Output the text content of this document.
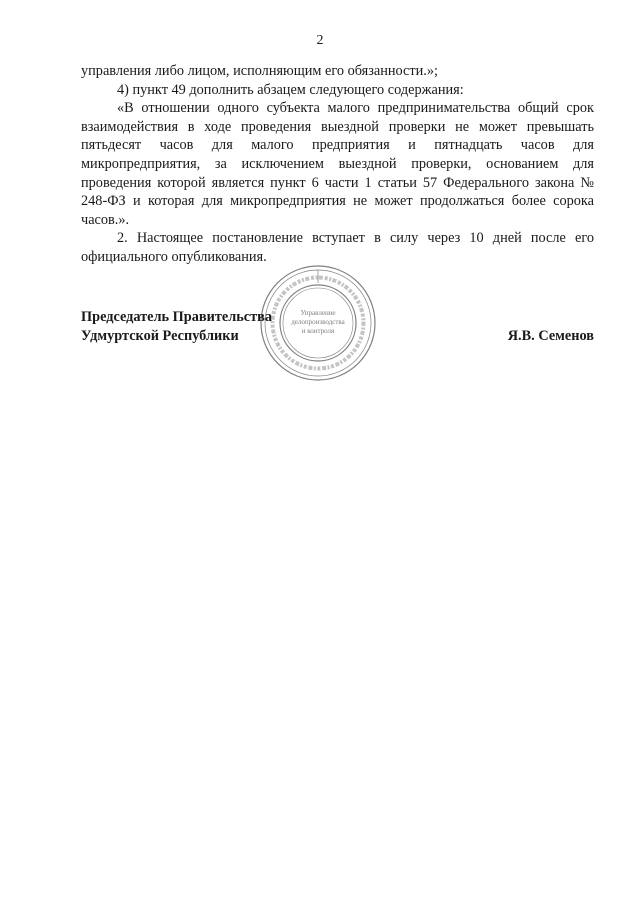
2

управления либо лицом, исполняющим его обязанности.»;

4) пункт 49 дополнить абзацем следующего содержания:

«В отношении одного субъекта малого предпринимательства общий срок взаимодействия в ходе проведения выездной проверки не может превышать пятьдесят часов для малого предприятия и пятнадцать часов для микропредприятия, за исключением выездной проверки, основанием для проведения которой является пункт 6 части 1 статьи 57 Федерального закона № 248-ФЗ и которая для микропредприятия не может продолжаться более сорока часов.».

2. Настоящее постановление вступает в силу через 10 дней после его официального опубликования.

Управление
делопроизводства
и контроля
Председатель Правительства
Удмуртской Республики	Я.В. Семенов
